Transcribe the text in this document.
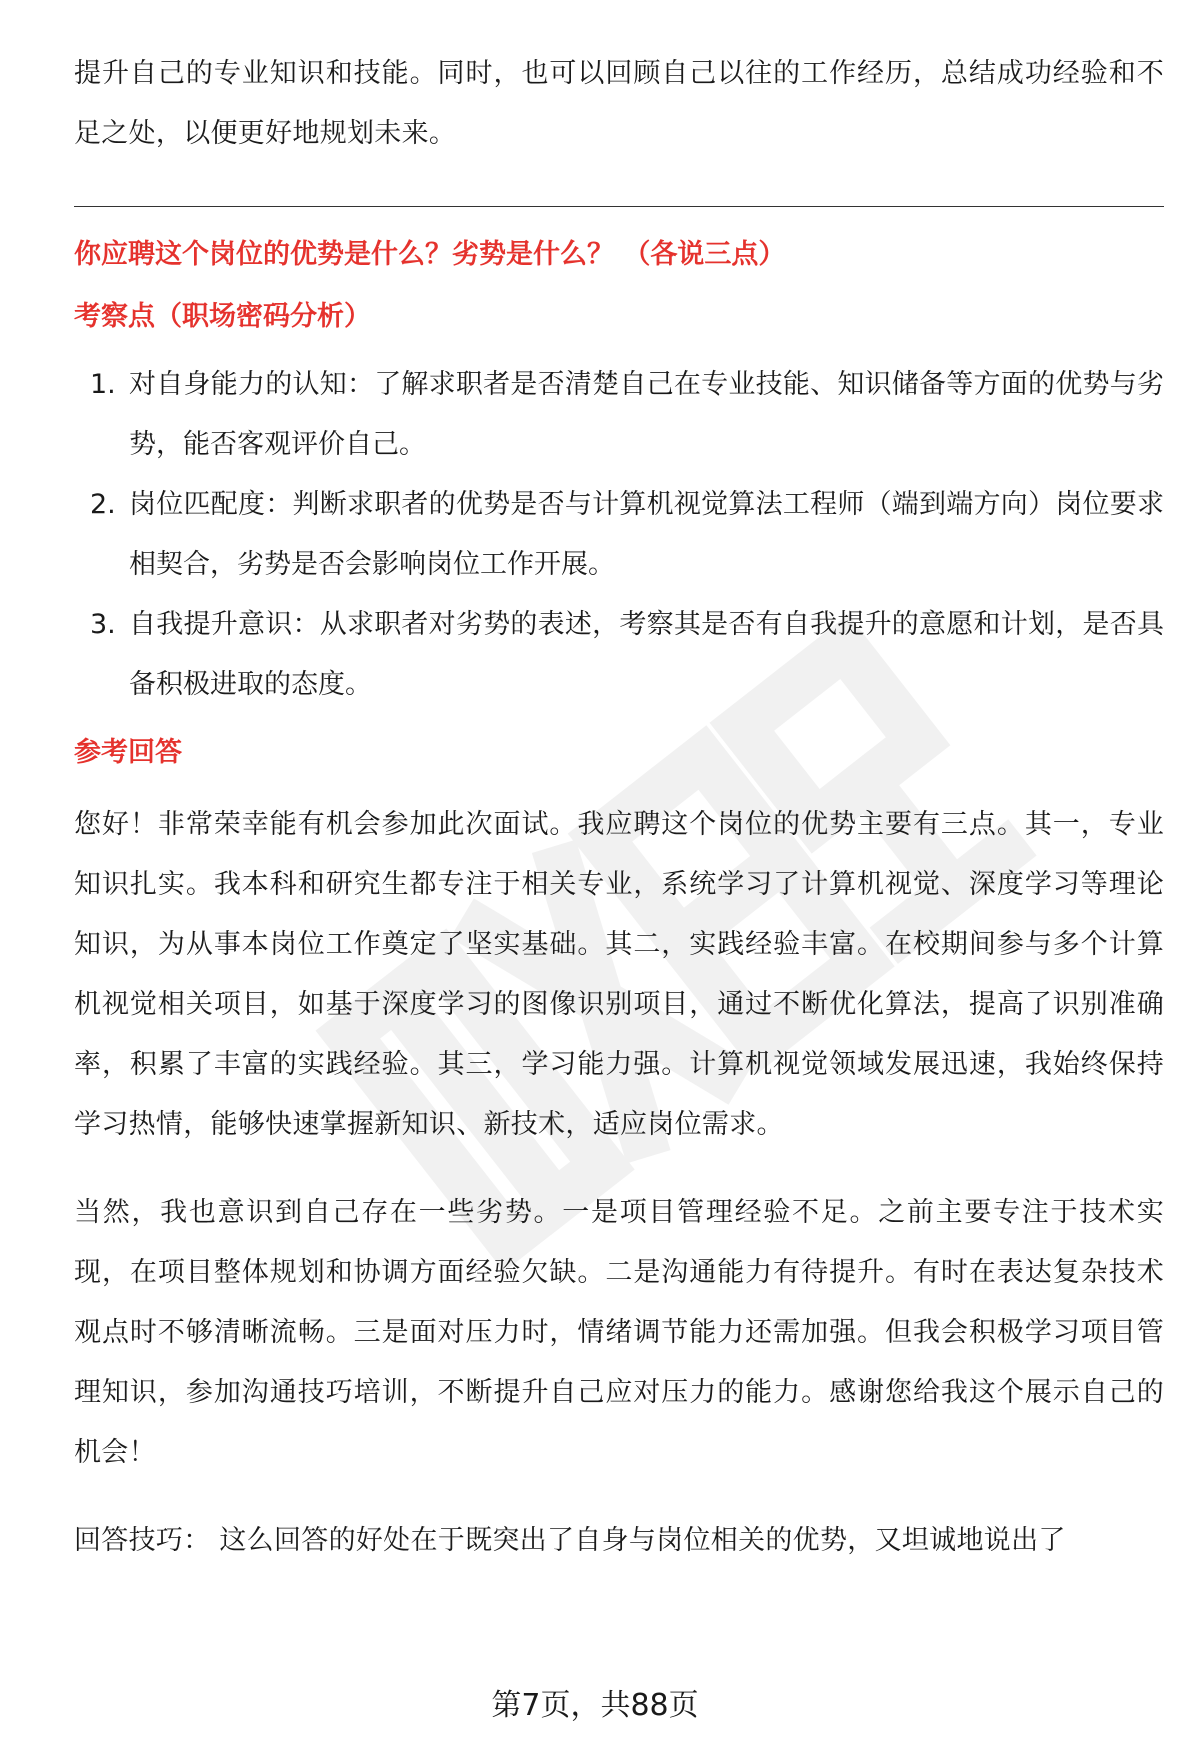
提升自己的专业知识和技能。同时，也可以回顾自己以往的工作经历，总结成功经验和不足之处，以便更好地规划未来。

你应聘这个岗位的优势是什么？劣势是什么？ （各说三点）

考察点（职场密码分析）

1. 对自身能力的认知：了解求职者是否清楚自己在专业技能、知识储备等方面的优势与劣势，能否客观评价自己。
2. 岗位匹配度：判断求职者的优势是否与计算机视觉算法工程师（端到端方向）岗位要求相契合，劣势是否会影响岗位工作开展。
3. 自我提升意识：从求职者对劣势的表述，考察其是否有自我提升的意愿和计划，是否具备积极进取的态度。

参考回答

您好！非常荣幸能有机会参加此次面试。我应聘这个岗位的优势主要有三点。其一，专业知识扎实。我本科和研究生都专注于相关专业，系统学习了计算机视觉、深度学习等理论知识，为从事本岗位工作奠定了坚实基础。其二，实践经验丰富。在校期间参与多个计算机视觉相关项目，如基于深度学习的图像识别项目，通过不断优化算法，提高了识别准确率，积累了丰富的实践经验。其三，学习能力强。计算机视觉领域发展迅速，我始终保持学习热情，能够快速掌握新知识、新技术，适应岗位需求。

当然，我也意识到自己存在一些劣势。一是项目管理经验不足。之前主要专注于技术实现，在项目整体规划和协调方面经验欠缺。二是沟通能力有待提升。有时在表达复杂技术观点时不够清晰流畅。三是面对压力时，情绪调节能力还需加强。但我会积极学习项目管理知识，参加沟通技巧培训，不断提升自己应对压力的能力。感谢您给我这个展示自己的机会！

回答技巧： 这么回答的好处在于既突出了自身与岗位相关的优势，又坦诚地说出了

第7页，共88页
